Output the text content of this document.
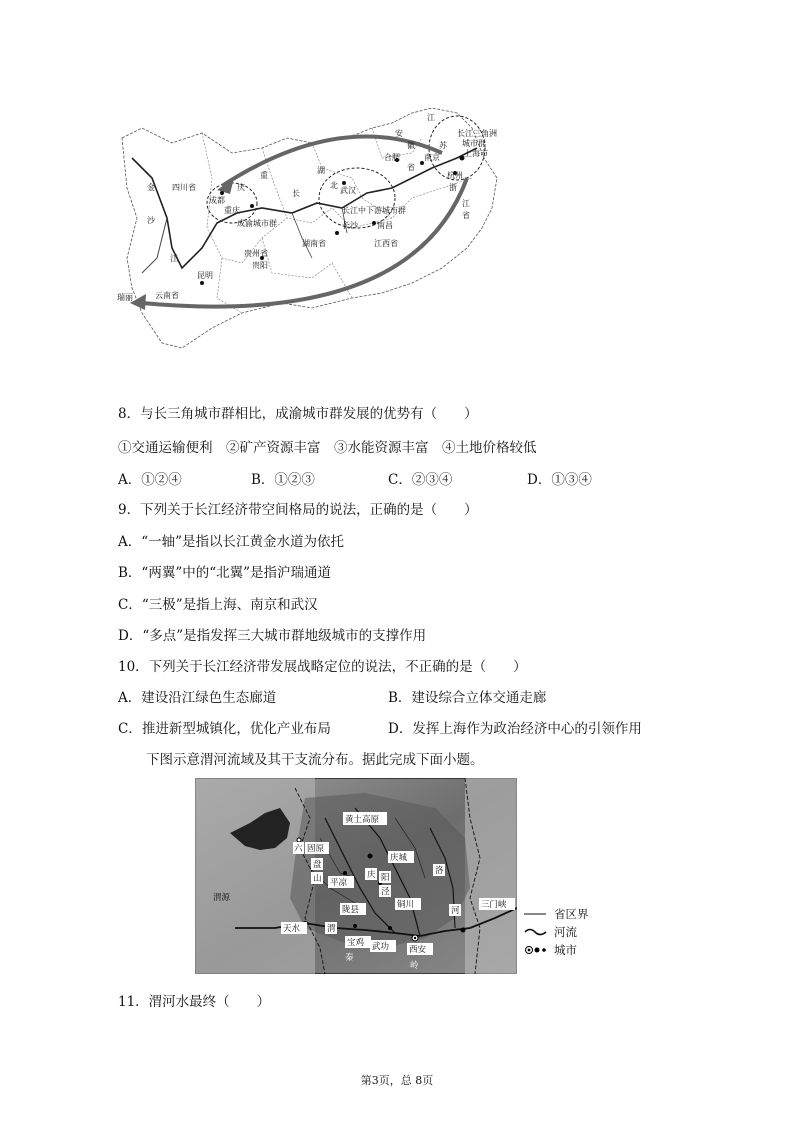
江
苏
安	长江三角洲
城市群
上海市
南京
合肥
省
湖
北
武汉
重
长
四川省
金
沙
江
成都
重庆
成渝城市群
长江中下游城市群
长沙 南昌
湖南省	江西省
贵州省
贵阳
云南省
昆明
瑞丽
杭州
浙
江
省
庆
徽
8．与长三角城市群相比，成渝城市群发展的优势有（　　）
①交通运输便利　②矿产资源丰富　③水能资源丰富　④土地价格较低
A．①②④	B．①②③	C．②③④	D．①③④
9．下列关于长江经济带空间格局的说法，正确的是（　　）
A．“一轴”是指以长江黄金水道为依托
B．“两翼”中的“北翼”是指沪瑞通道
C．“三极”是指上海、南京和武汉
D．“多点”是指发挥三大城市群地级城市的支撑作用
10．下列关于长江经济带发展战略定位的说法，不正确的是（　　）
A．建设沿江绿色生态廊道	B．建设综合立体交通走廊
C．推进新型城镇化，优化产业布局	D．发挥上海作为政治经济中心的引领作用
下图示意渭河流域及其干支流分布。据此完成下面小题。
黄土高原
六 固原
盘
山
庆城
庆 阳
平凉
泾
洛
渭源
陇县	铜川
河
三门峡
天水	渭
宝鸡 武功 西安
秦
岭
省区界
河流
城市
11．渭河水最终（　　）
第3页，总 8页
